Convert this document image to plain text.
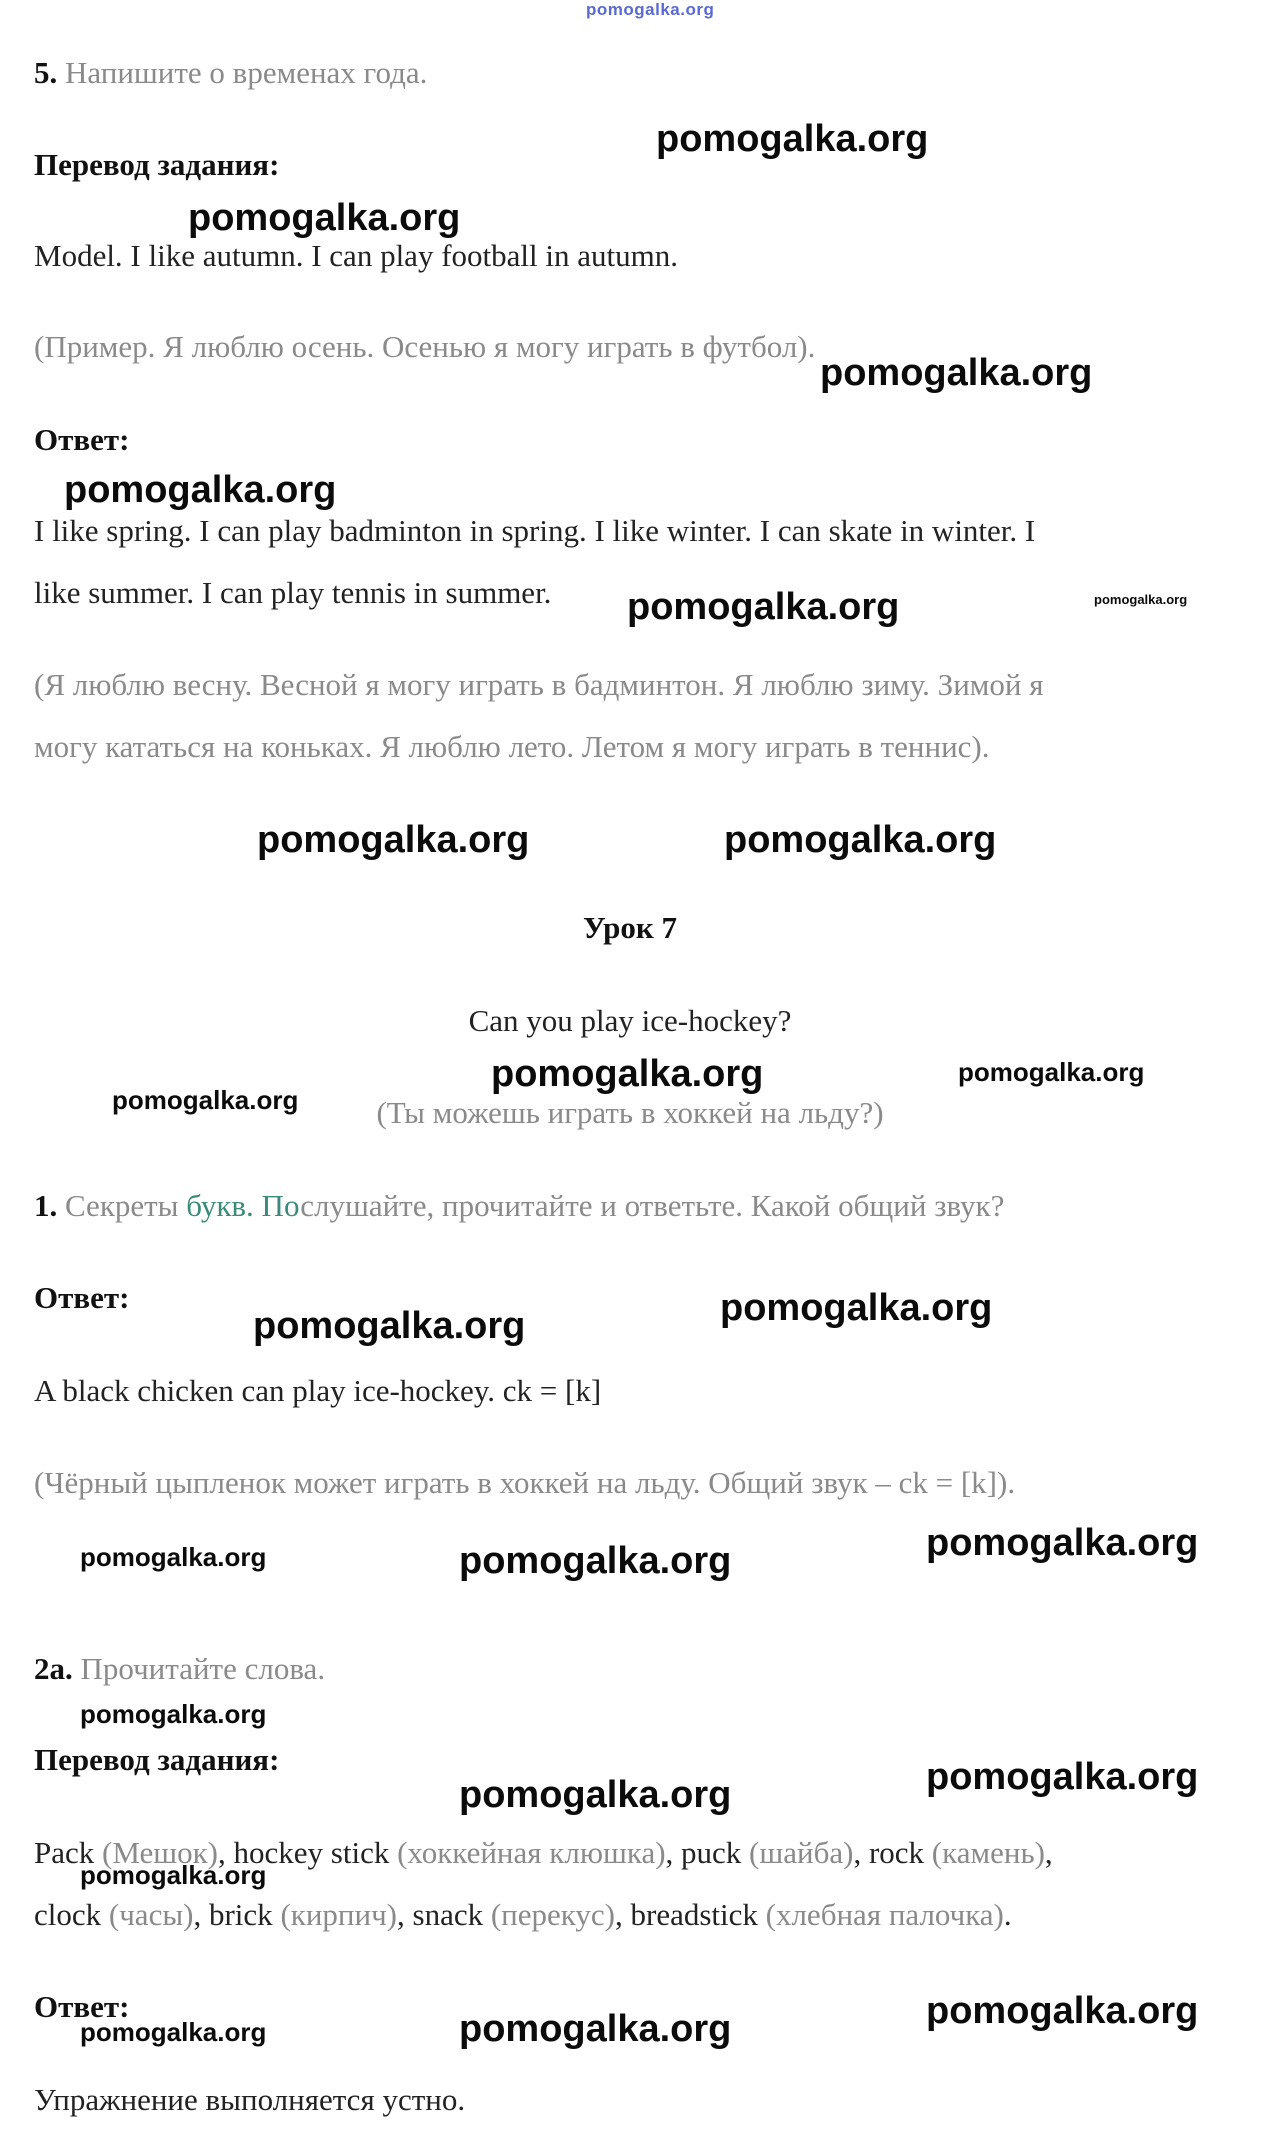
pomogalka.org
5. Напишите о временах года.
Перевод задания:
Model. I like autumn. I can play football in autumn.
(Пример. Я люблю осень. Осенью я могу играть в футбол).
Ответ:
I like spring. I can play badminton in spring. I like winter. I can skate in winter. I
like summer. I can play tennis in summer.
(Я люблю весну. Весной я могу играть в бадминтон. Я люблю зиму. Зимой я
могу кататься на коньках. Я люблю лето. Летом я могу играть в теннис).
Урок 7
Can you play ice-hockey?
(Ты можешь играть в хоккей на льду?)
1. Секреты букв. Послушайте, прочитайте и ответьте. Какой общий звук?
Ответ:
A black chicken can play ice-hockey. ck = [k]
(Чёрный цыпленок может играть в хоккей на льду. Общий звук – ck = [k]).
2a. Прочитайте слова.
Перевод задания:
Pack (Мешок), hockey stick (хоккейная клюшка), puck (шайба), rock (камень),
clock (часы), brick (кирпич), snack (перекус), breadstick (хлебная палочка).
Ответ:
Упражнение выполняется устно.
pomogalka.org
pomogalka.org
pomogalka.org
pomogalka.org
pomogalka.org	pomogalka.org
pomogalka.org	pomogalka.org
pomogalka.org	pomogalka.org
pomogalka.org
pomogalka.org
pomogalka.org
pomogalka.org	pomogalka.org	pomogalka.org
pomogalka.org
pomogalka.org	pomogalka.org
pomogalka.org
pomogalka.org	pomogalka.org	pomogalka.org
